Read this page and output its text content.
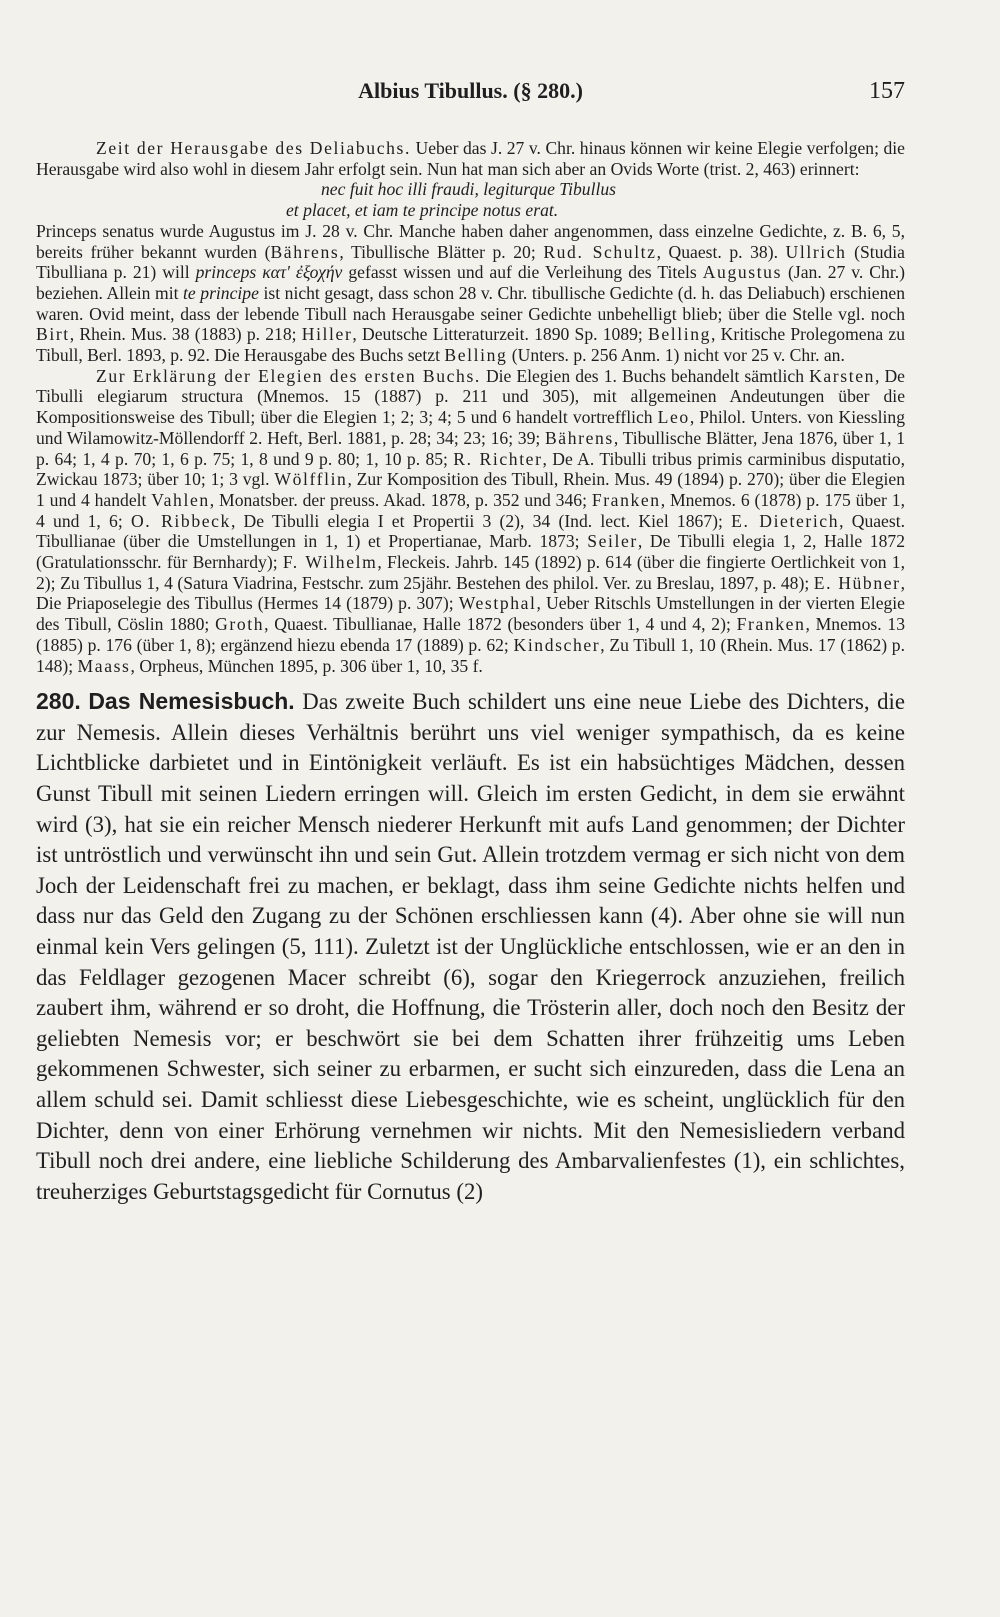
Albius Tibullus. (§ 280.)	157

Zeit der Herausgabe des Deliabuchs. Ueber das J. 27 v. Chr. hinaus können wir keine Elegie verfolgen; die Herausgabe wird also wohl in diesem Jahr erfolgt sein. Nun hat man sich aber an Ovids Worte (trist. 2, 463) erinnert:

nec fuit hoc illi fraudi, legiturque Tibullus

et placet, et iam te principe notus erat.

Princeps senatus wurde Augustus im J. 28 v. Chr. Manche haben daher angenommen, dass einzelne Gedichte, z. B. 6, 5, bereits früher bekannt wurden (Bährens, Tibullische Blätter p. 20; Rud. Schultz, Quaest. p. 38). Ullrich (Studia Tibulliana p. 21) will princeps κατ' ἐξοχήν gefasst wissen und auf die Verleihung des Titels Augustus (Jan. 27 v. Chr.) beziehen. Allein mit te principe ist nicht gesagt, dass schon 28 v. Chr. tibullische Gedichte (d. h. das Deliabuch) erschienen waren. Ovid meint, dass der lebende Tibull nach Herausgabe seiner Gedichte unbehelligt blieb; über die Stelle vgl. noch Birt, Rhein. Mus. 38 (1883) p. 218; Hiller, Deutsche Litteraturzeit. 1890 Sp. 1089; Belling, Kritische Prolegomena zu Tibull, Berl. 1893, p. 92. Die Herausgabe des Buchs setzt Belling (Unters. p. 256 Anm. 1) nicht vor 25 v. Chr. an.

Zur Erklärung der Elegien des ersten Buchs. Die Elegien des 1. Buchs behandelt sämtlich Karsten, De Tibulli elegiarum structura (Mnemos. 15 (1887) p. 211 und 305), mit allgemeinen Andeutungen über die Kompositionsweise des Tibull; über die Elegien 1; 2; 3; 4; 5 und 6 handelt vortrefflich Leo, Philol. Unters. von Kiessling und Wilamowitz-Möllendorff 2. Heft, Berl. 1881, p. 28; 34; 23; 16; 39; Bährens, Tibullische Blätter, Jena 1876, über 1, 1 p. 64; 1, 4 p. 70; 1, 6 p. 75; 1, 8 und 9 p. 80; 1, 10 p. 85; R. Richter, De A. Tibulli tribus primis carminibus disputatio, Zwickau 1873; über 10; 1; 3 vgl. Wölfflin, Zur Komposition des Tibull, Rhein. Mus. 49 (1894) p. 270); über die Elegien 1 und 4 handelt Vahlen, Monatsber. der preuss. Akad. 1878, p. 352 und 346; Franken, Mnemos. 6 (1878) p. 175 über 1, 4 und 1, 6; O. Ribbeck, De Tibulli elegia I et Propertii 3 (2), 34 (Ind. lect. Kiel 1867); E. Dieterich, Quaest. Tibullianae (über die Umstellungen in 1, 1) et Propertianae, Marb. 1873; Seiler, De Tibulli elegia 1, 2, Halle 1872 (Gratulationsschr. für Bernhardy); F. Wilhelm, Fleckeis. Jahrb. 145 (1892) p. 614 (über die fingierte Oertlichkeit von 1, 2); Zu Tibullus 1, 4 (Satura Viadrina, Festschr. zum 25jähr. Bestehen des philol. Ver. zu Breslau, 1897, p. 48); E. Hübner, Die Priaposelegie des Tibullus (Hermes 14 (1879) p. 307); Westphal, Ueber Ritschls Umstellungen in der vierten Elegie des Tibull, Cöslin 1880; Groth, Quaest. Tibullianae, Halle 1872 (besonders über 1, 4 und 4, 2); Franken, Mnemos. 13 (1885) p. 176 (über 1, 8); ergänzend hiezu ebenda 17 (1889) p. 62; Kindscher, Zu Tibull 1, 10 (Rhein. Mus. 17 (1862) p. 148); Maass, Orpheus, München 1895, p. 306 über 1, 10, 35 f.

280. Das Nemesisbuch. Das zweite Buch schildert uns eine neue Liebe des Dichters, die zur Nemesis. Allein dieses Verhältnis berührt uns viel weniger sympathisch, da es keine Lichtblicke darbietet und in Eintönigkeit verläuft. Es ist ein habsüchtiges Mädchen, dessen Gunst Tibull mit seinen Liedern erringen will. Gleich im ersten Gedicht, in dem sie erwähnt wird (3), hat sie ein reicher Mensch niederer Herkunft mit aufs Land genommen; der Dichter ist untröstlich und verwünscht ihn und sein Gut. Allein trotzdem vermag er sich nicht von dem Joch der Leidenschaft frei zu machen, er beklagt, dass ihm seine Gedichte nichts helfen und dass nur das Geld den Zugang zu der Schönen erschliessen kann (4). Aber ohne sie will nun einmal kein Vers gelingen (5, 111). Zuletzt ist der Unglückliche entschlossen, wie er an den in das Feldlager gezogenen Macer schreibt (6), sogar den Kriegerrock anzuziehen, freilich zaubert ihm, während er so droht, die Hoffnung, die Trösterin aller, doch noch den Besitz der geliebten Nemesis vor; er beschwört sie bei dem Schatten ihrer frühzeitig ums Leben gekommenen Schwester, sich seiner zu erbarmen, er sucht sich einzureden, dass die Lena an allem schuld sei. Damit schliesst diese Liebesgeschichte, wie es scheint, unglücklich für den Dichter, denn von einer Erhörung vernehmen wir nichts. Mit den Nemesisliedern verband Tibull noch drei andere, eine liebliche Schilderung des Ambarvalienfestes (1), ein schlichtes, treuherziges Geburtstagsgedicht für Cornutus (2)
